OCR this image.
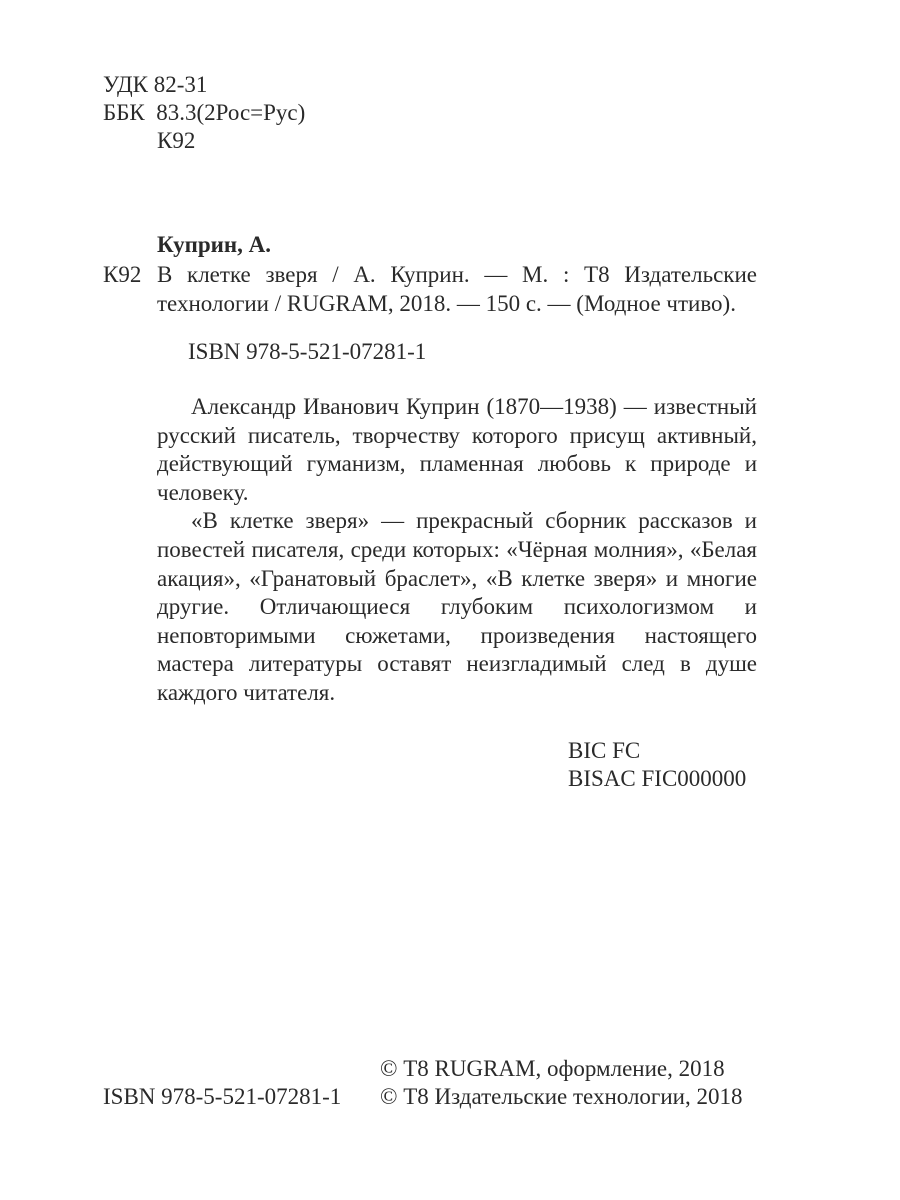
УДК 82-31
ББК  83.3(2Рос=Рус)
К92
Куприн, А.
К92 В клетке зверя / А. Куприн. — М. : Т8 Издательские технологии / RUGRAM, 2018. — 150 с. — (Модное чтиво).

ISBN 978-5-521-07281-1

Александр Иванович Куприн (1870—1938) — известный русский писатель, творчеству которого присущ активный, действующий гуманизм, пламенная любовь к природе и человеку.

«В клетке зверя» — прекрасный сборник рассказов и повестей писателя, среди которых: «Чёрная молния», «Белая акация», «Гранатовый браслет», «В клетке зверя» и многие другие. Отличающиеся глубоким психологизмом и неповторимыми сюжетами, произведения настоящего мастера литературы оставят неизгладимый след в душе каждого читателя.

BIC FC
BISAC FIC000000
© Т8 RUGRAM, оформление, 2018
ISBN 978-5-521-07281-1 © Т8 Издательские технологии, 2018
